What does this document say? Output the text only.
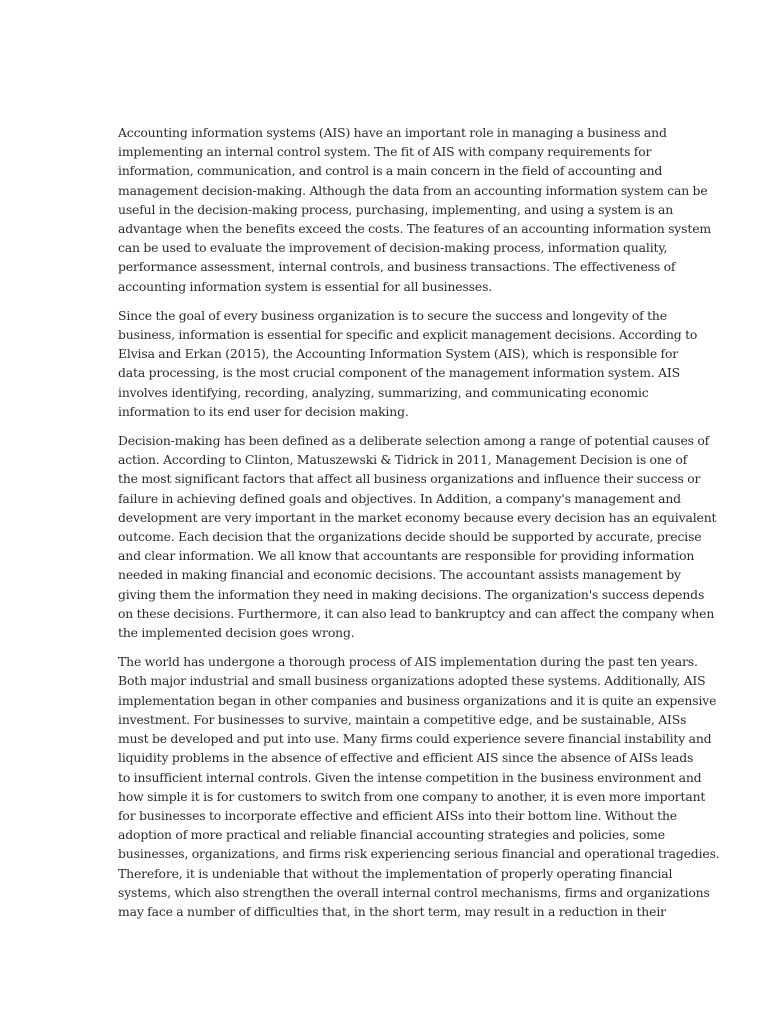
Accounting information systems (AIS) have an important role in managing a business and
implementing an internal control system. The fit of AIS with company requirements for
information, communication, and control is a main concern in the field of accounting and
management decision-making. Although the data from an accounting information system can be
useful in the decision-making process, purchasing, implementing, and using a system is an
advantage when the benefits exceed the costs. The features of an accounting information system
can be used to evaluate the improvement of decision-making process, information quality,
performance assessment, internal controls, and business transactions. The effectiveness of
accounting information system is essential for all businesses.

Since the goal of every business organization is to secure the success and longevity of the
business, information is essential for specific and explicit management decisions. According to
Elvisa and Erkan (2015), the Accounting Information System (AIS), which is responsible for
data processing, is the most crucial component of the management information system. AIS
involves identifying, recording, analyzing, summarizing, and communicating economic
information to its end user for decision making.

Decision-making has been defined as a deliberate selection among a range of potential causes of
action. According to Clinton, Matuszewski & Tidrick in 2011, Management Decision is one of
the most significant factors that affect all business organizations and influence their success or
failure in achieving defined goals and objectives. In Addition, a company's management and
development are very important in the market economy because every decision has an equivalent
outcome. Each decision that the organizations decide should be supported by accurate, precise
and clear information. We all know that accountants are responsible for providing information
needed in making financial and economic decisions. The accountant assists management by
giving them the information they need in making decisions. The organization's success depends
on these decisions. Furthermore, it can also lead to bankruptcy and can affect the company when
the implemented decision goes wrong.

The world has undergone a thorough process of AIS implementation during the past ten years.
Both major industrial and small business organizations adopted these systems. Additionally, AIS
implementation began in other companies and business organizations and it is quite an expensive
investment. For businesses to survive, maintain a competitive edge, and be sustainable, AISs
must be developed and put into use. Many firms could experience severe financial instability and
liquidity problems in the absence of effective and efficient AIS since the absence of AISs leads
to insufficient internal controls. Given the intense competition in the business environment and
how simple it is for customers to switch from one company to another, it is even more important
for businesses to incorporate effective and efficient AISs into their bottom line. Without the
adoption of more practical and reliable financial accounting strategies and policies, some
businesses, organizations, and firms risk experiencing serious financial and operational tragedies.
Therefore, it is undeniable that without the implementation of properly operating financial
systems, which also strengthen the overall internal control mechanisms, firms and organizations
may face a number of difficulties that, in the short term, may result in a reduction in their
